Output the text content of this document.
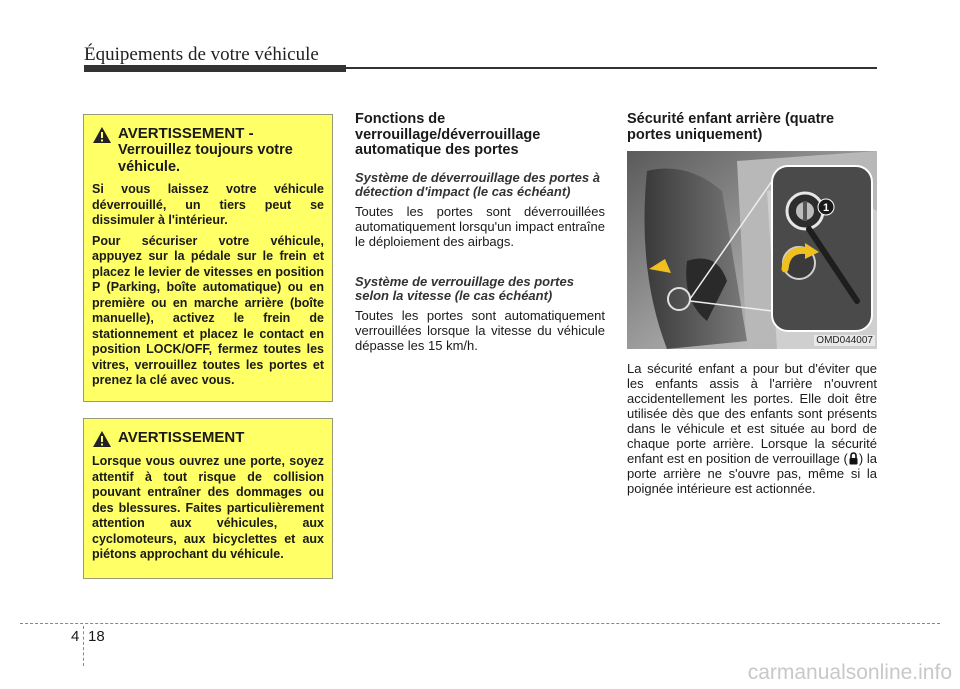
Équipements de votre véhicule
AVERTISSEMENT -
Verrouillez toujours votre véhicule.

Si vous laissez votre véhicule déverrouillé, un tiers peut se dissimuler à l'intérieur.

Pour sécuriser votre véhicule, appuyez sur la pédale sur le frein et placez le levier de vitesses en position P (Parking, boîte automatique) ou en première ou en marche arrière (boîte manuelle), activez le frein de stationnement et placez le contact en position LOCK/OFF, fermez toutes les vitres, verrouillez toutes les portes et prenez la clé avec vous.

AVERTISSEMENT

Lorsque vous ouvrez une porte, soyez attentif à tout risque de collision pouvant entraîner des dommages ou des blessures. Faites particulièrement attention aux véhicules, aux cyclomoteurs, aux bicyclettes et aux piétons approchant du véhicule.

Fonctions de verrouillage/déverrouillage automatique des portes
Système de déverrouillage des portes à détection d'impact (le cas échéant)

Toutes les portes sont déverrouillées automatiquement lorsqu'un impact entraîne le déploiement des airbags.

Système de verrouillage des portes selon la vitesse (le cas échéant)

Toutes les portes sont automatiquement verrouillées lorsque la vitesse du véhicule dépasse les 15 km/h.

Sécurité enfant arrière (quatre portes uniquement)
1
OMD044007

La sécurité enfant a pour but d'éviter que les enfants assis à l'arrière n'ouvrent accidentellement les portes. Elle doit être utilisée dès que des enfants sont présents dans le véhicule et est située au bord de chaque porte arrière. Lorsque la sécurité enfant est en position de verrouillage ( ) la porte arrière ne s'ouvre pas, même si la poignée intérieure est actionnée.

4 18
carmanualsonline.info
